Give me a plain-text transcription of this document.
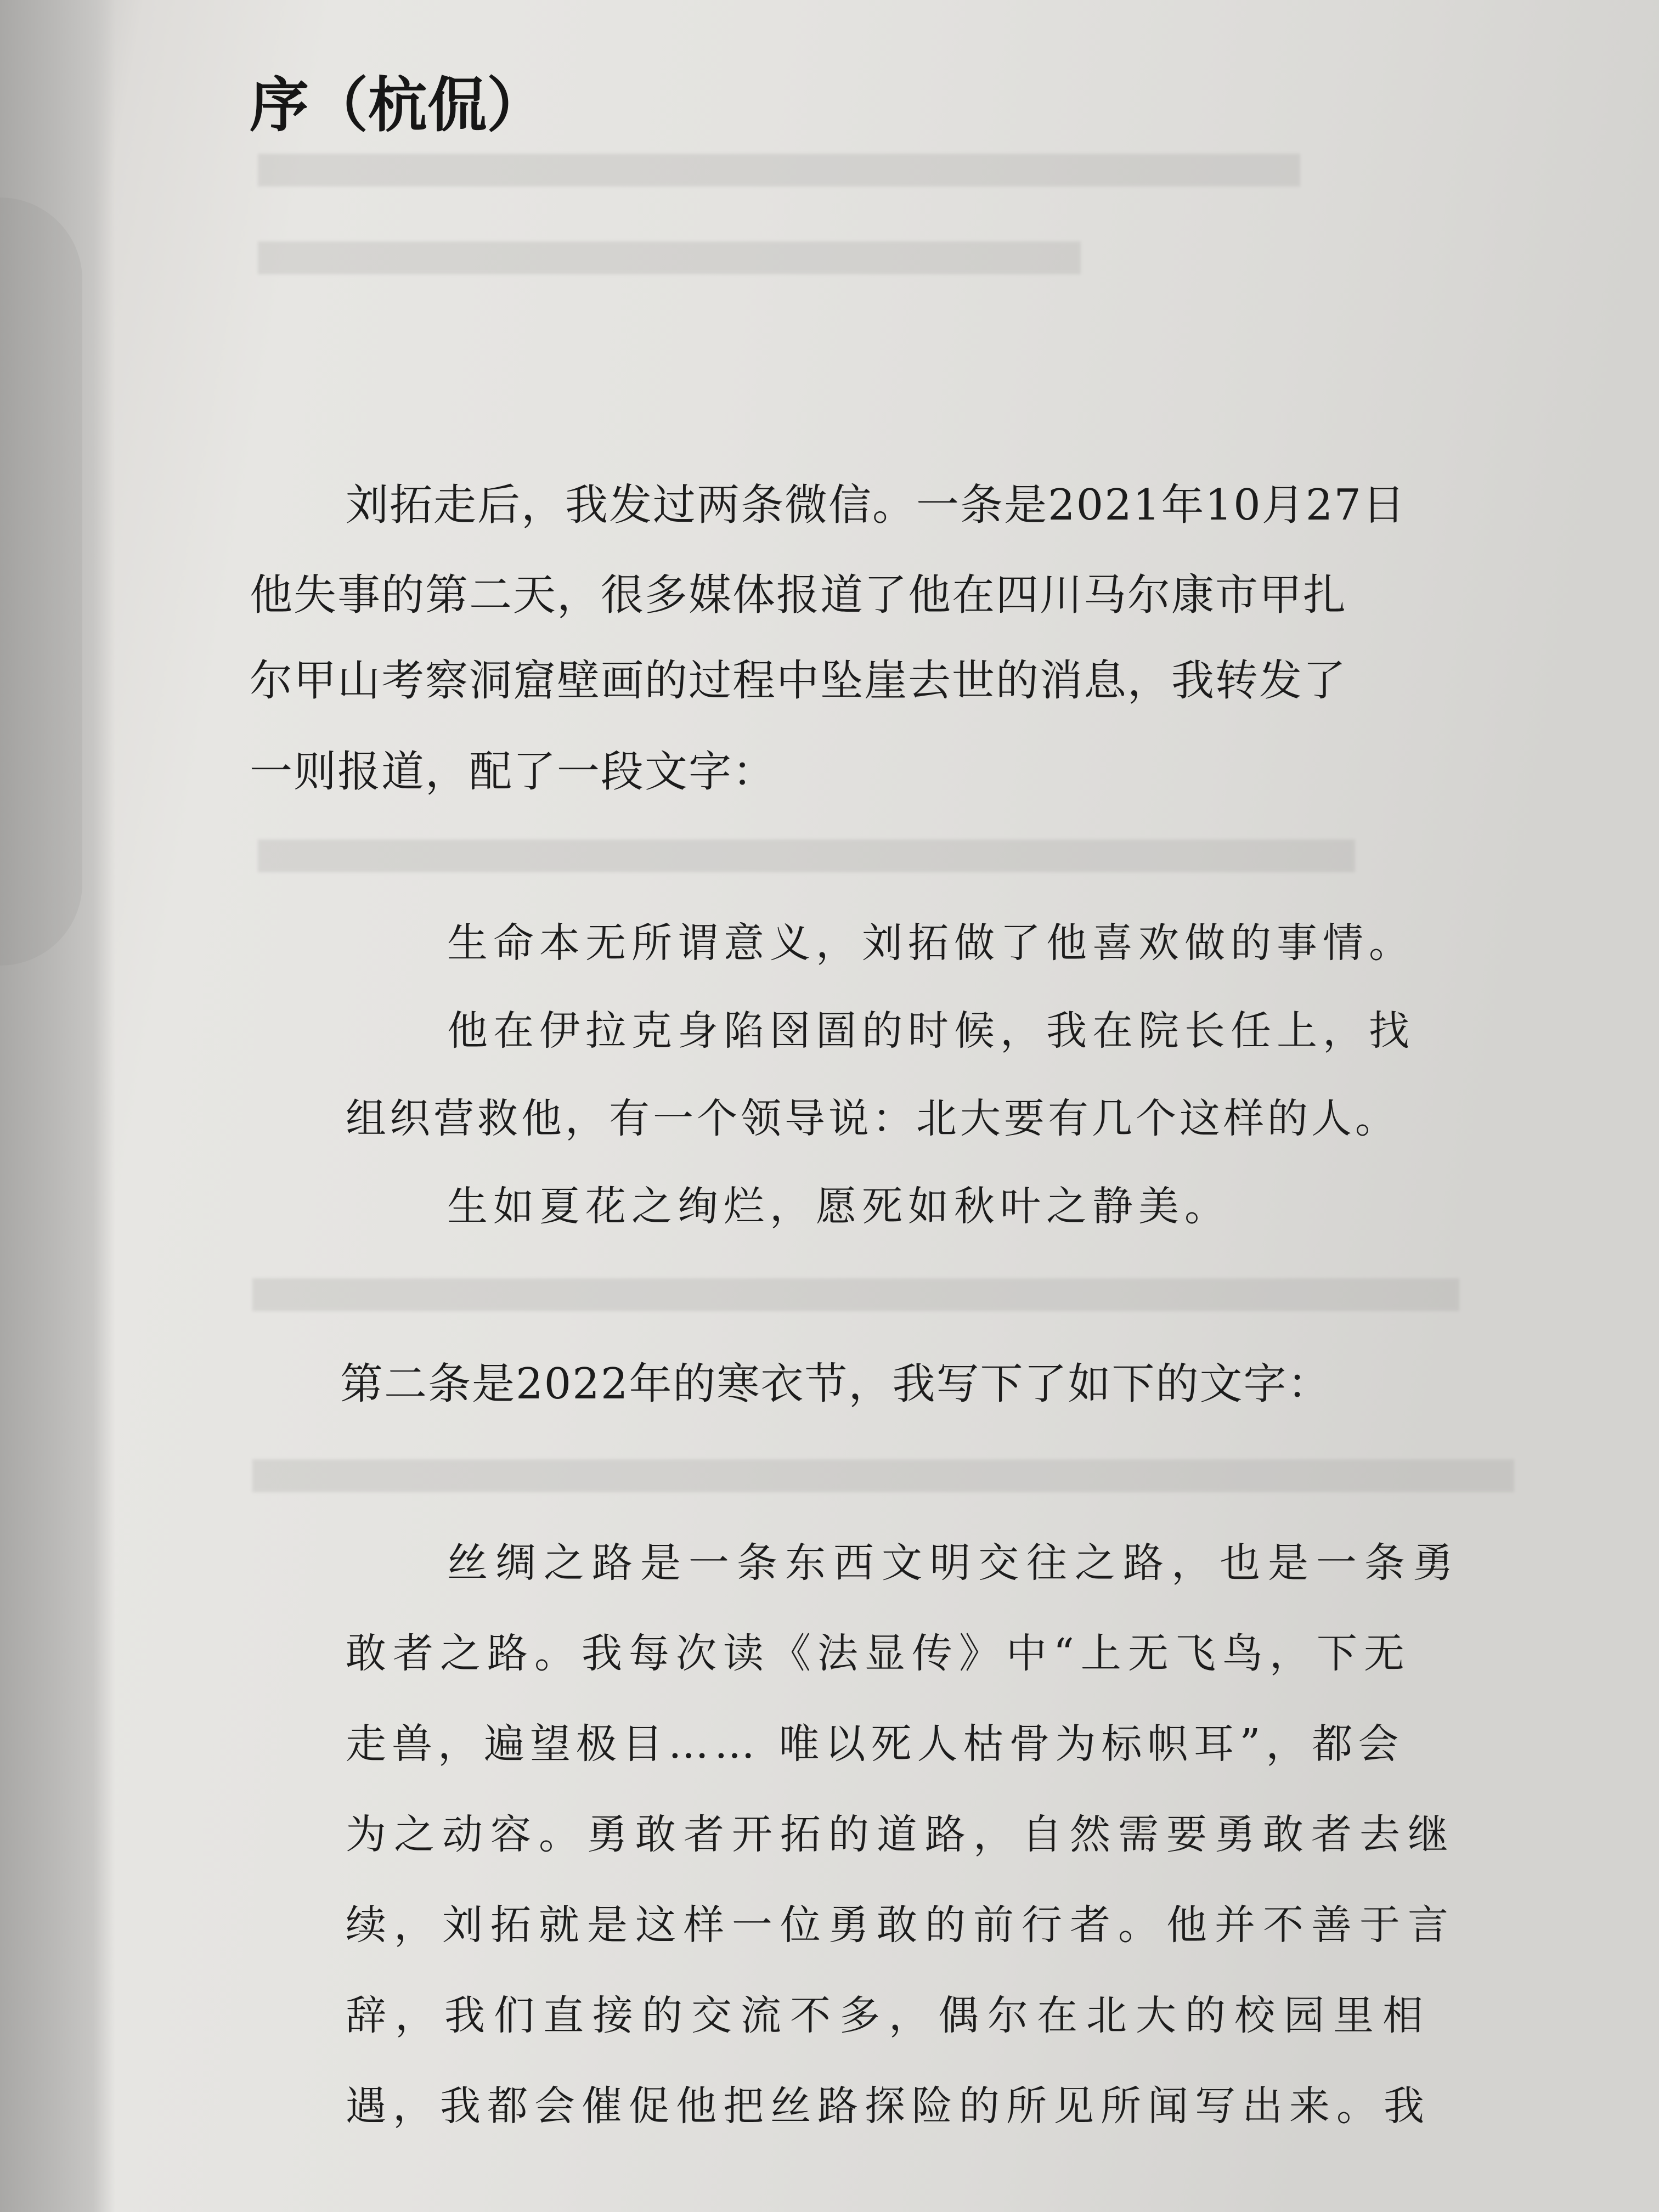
序（杭侃）
刘拓走后，我发过两条微信。一条是2021年10月27日
他失事的第二天，很多媒体报道了他在四川马尔康市甲扎
尔甲山考察洞窟壁画的过程中坠崖去世的消息，我转发了
一则报道，配了一段文字：
生命本无所谓意义，刘拓做了他喜欢做的事情。
他在伊拉克身陷囹圄的时候，我在院长任上，找
组织营救他，有一个领导说：北大要有几个这样的人。
生如夏花之绚烂，愿死如秋叶之静美。
第二条是2022年的寒衣节，我写下了如下的文字：
丝绸之路是一条东西文明交往之路，也是一条勇
敢者之路。我每次读《法显传》中“上无飞鸟，下无
走兽，遍望极目…… 唯以死人枯骨为标帜耳”，都会
为之动容。勇敢者开拓的道路，自然需要勇敢者去继
续，刘拓就是这样一位勇敢的前行者。他并不善于言
辞，我们直接的交流不多，偶尔在北大的校园里相
遇，我都会催促他把丝路探险的所见所闻写出来。我
